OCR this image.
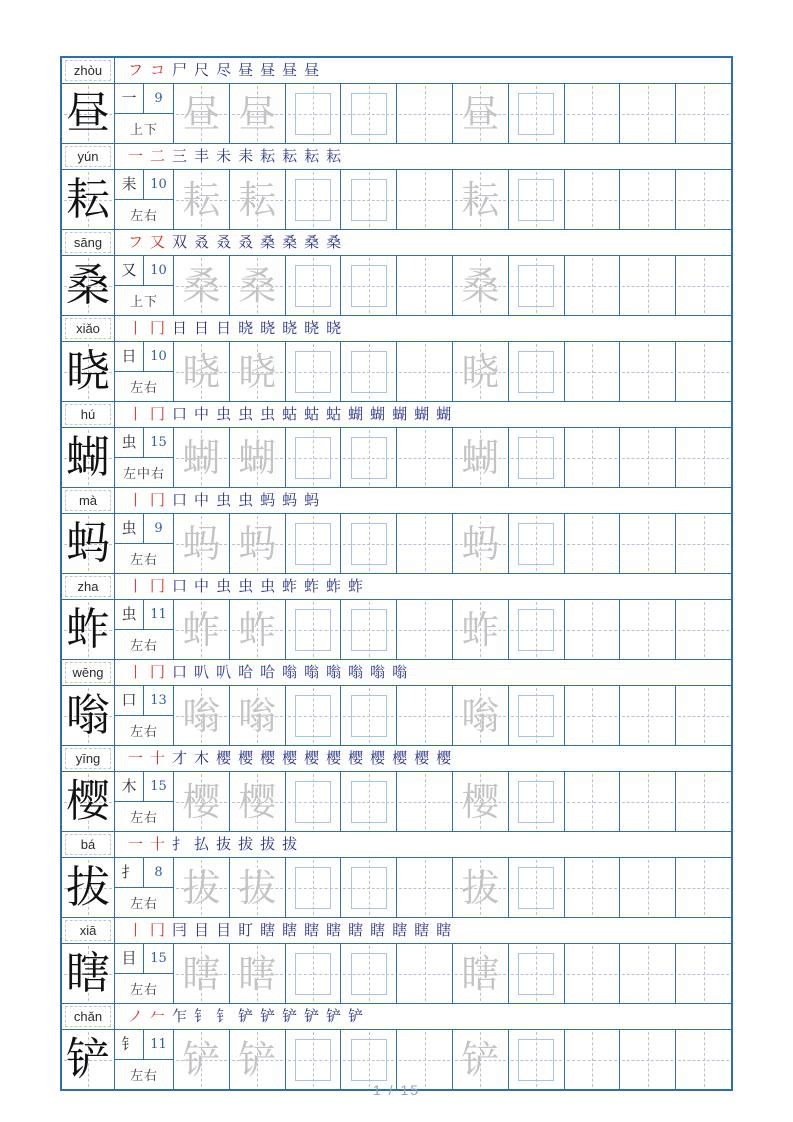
zhòu フ コ 尸 尺 尽 昼 昼 昼 昼
昼 一	9
上下 昼 昼	昼
yún 一 二 三 丰 未 耒 耘 耘 耘 耘
耘 耒	10
左右 耘 耘	耘
sāng フ 又 双 叒 叒 叒 桑 桑 桑 桑
桑 又	10
上下 桑 桑	桑
xiǎo 丨 冂 日 日 日 晓 晓 晓 晓 晓
晓 日	10
左右 晓 晓	晓
hú 丨 冂 口 中 虫 虫 虫 蛄 蛄 蛄 蝴 蝴 蝴 蝴 蝴
蝴 虫	15
左中右 蝴 蝴	蝴
mà 丨 冂 口 中 虫 虫 蚂 蚂 蚂
蚂 虫	9
左右 蚂 蚂	蚂
zha 丨 冂 口 中 虫 虫 虫 蚱 蚱 蚱 蚱
蚱 虫	11
左右 蚱 蚱	蚱
wēng 丨 冂 口 叭 叭 哈 哈 嗡 嗡 嗡 嗡 嗡 嗡
嗡 口	13
左右 嗡 嗡	嗡
yīng 一 十 才 木 樱 樱 樱 樱 樱 樱 樱 樱 樱 樱 樱
樱 木	15
左右 樱 樱	樱
bá 一 十 扌 払 抜 拔 拔 拔
拔 扌	8
左右 拔 拔	拔
xiā 丨 冂 冃 目 目 盯 瞎 瞎 瞎 瞎 瞎 瞎 瞎 瞎 瞎
瞎 目	15
左右 瞎 瞎	瞎
chǎn ノ 𠂉 乍 钅 钅 铲 铲 铲 铲 铲 铲
铲 钅	11
左右 铲 铲	铲
1 / 15
